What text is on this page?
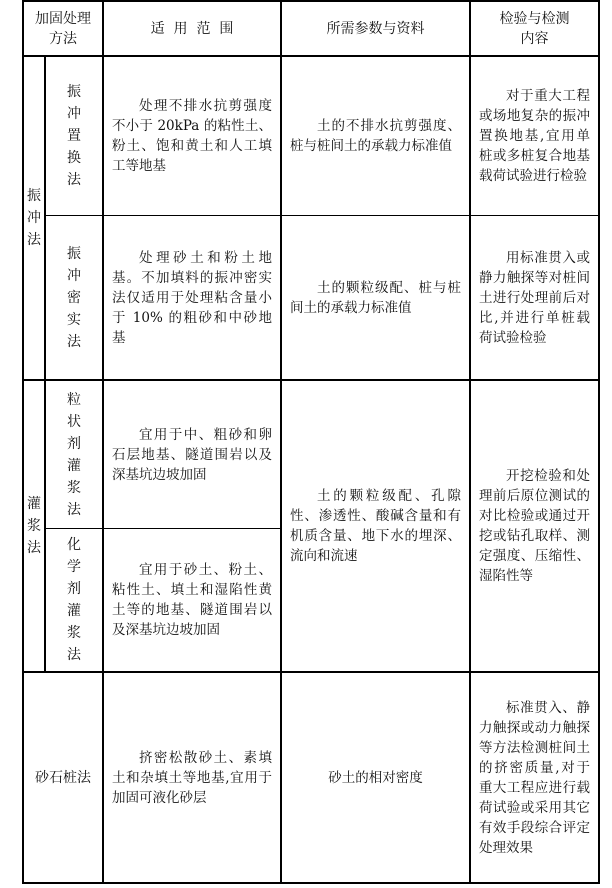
加固处理方法
适  用  范  围	所需参数与资料
检验与检测内容
振冲法
振冲置换法
处理不排水抗剪强度不小于 20kPa 的粘性土、粉土、饱和黄土和人工填工等地基
土的不排水抗剪强度、桩与桩间土的承载力标准值
对于重大工程或场地复杂的振冲置换地基,宜用单桩或多桩复合地基载荷试验进行检验
振冲密实法
处理砂土和粉土地基。不加填料的振冲密实法仅适用于处理粘含量小于 10% 的粗砂和中砂地基
土的颗粒级配、桩与桩间土的承载力标准值
用标准贯入或静力触探等对桩间土进行处理前后对比,并进行单桩载荷试验检验
灌浆法
粒状剂灌浆法
宜用于中、粗砂和卵石层地基、隧道围岩以及深基坑边坡加固
化学剂灌浆法
宜用于砂土、粉土、粘性土、填土和湿陷性黄土等的地基、隧道围岩以及深基坑边坡加固
土的颗粒级配、孔隙性、渗透性、酸碱含量和有机质含量、地下水的埋深、流向和流速
开挖检验和处理前后原位测试的对比检验或通过开挖或钻孔取样、测定强度、压缩性、湿陷性等
砂石桩法
挤密松散砂土、素填土和杂填土等地基,宜用于加固可液化砂层
砂土的相对密度
标准贯入、静力触探或动力触探等方法检测桩间土的挤密质量,对于重大工程应进行载荷试验或采用其它有效手段综合评定处理效果
